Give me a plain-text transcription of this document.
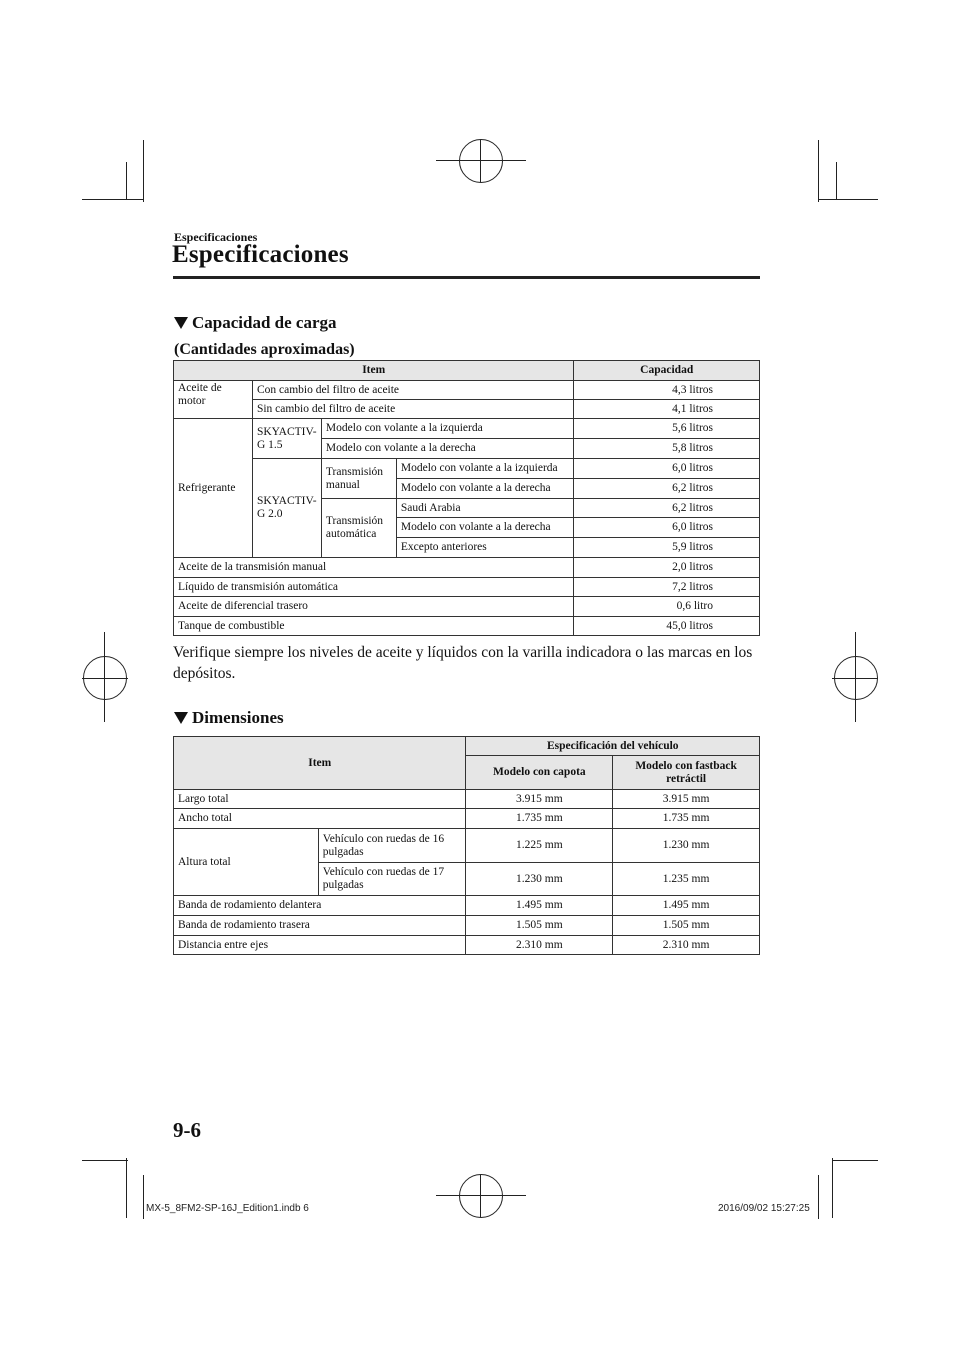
Especificaciones
Especificaciones
Capacidad de carga
(Cantidades aproximadas)
Item				Capacidad
Aceite de motor	Con cambio del filtro de aceite			4,3 litros
	Sin cambio del filtro de aceite			4,1 litros
Refrigerante	SKYACTIV-G 1.5	Modelo con volante a la izquierda		5,6 litros
		Modelo con volante a la derecha		5,8 litros
	SKYACTIV-G 2.0	Transmisión manual	Modelo con volante a la izquierda	6,0 litros
			Modelo con volante a la derecha	6,2 litros
		Transmisión automática	Saudi Arabia	6,2 litros
			Modelo con volante a la derecha	6,0 litros
			Excepto anteriores	5,9 litros
Aceite de la transmisión manual				2,0 litros
Líquido de transmisión automática				7,2 litros
Aceite de diferencial trasero				0,6 litro
Tanque de combustible				45,0 litros
Verifique siempre los niveles de aceite y líquidos con la varilla indicadora o las marcas en los depósitos.
Dimensiones
Item		Especificación del vehículo	
		Modelo con capota	Modelo con fastback retráctil
Largo total		3.915 mm	3.915 mm
Ancho total		1.735 mm	1.735 mm
Altura total	Vehículo con ruedas de 16 pulgadas	1.225 mm	1.230 mm
	Vehículo con ruedas de 17 pulgadas	1.230 mm	1.235 mm
Banda de rodamiento delantera		1.495 mm	1.495 mm
Banda de rodamiento trasera		1.505 mm	1.505 mm
Distancia entre ejes		2.310 mm	2.310 mm
9-6
MX-5_8FM2-SP-16J_Edition1.indb 6	2016/09/02 15:27:25
